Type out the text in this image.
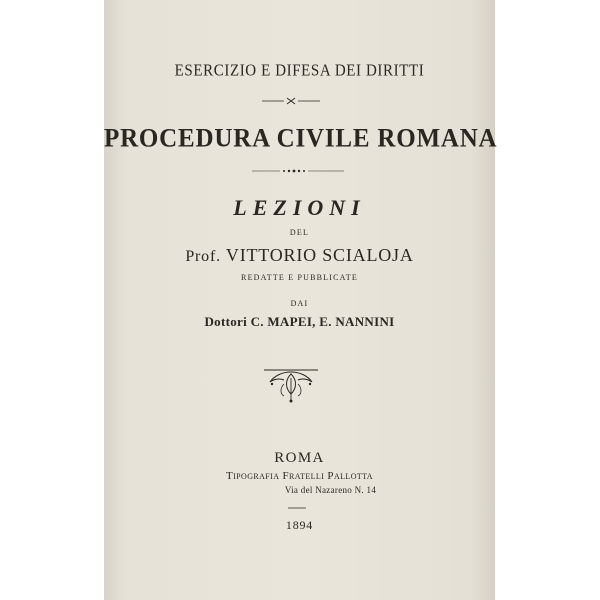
ESERCIZIO E DIFESA DEI DIRITTI
PROCEDURA CIVILE ROMANA
LEZIONI
DEL
Prof. VITTORIO SCIALOJA
REDATTE E PUBBLICATE
DAI
Dottori C. MAPEI, E. NANNINI
ROMA
Tipografia Fratelli Pallotta
Via del Nazareno N. 14
1894
